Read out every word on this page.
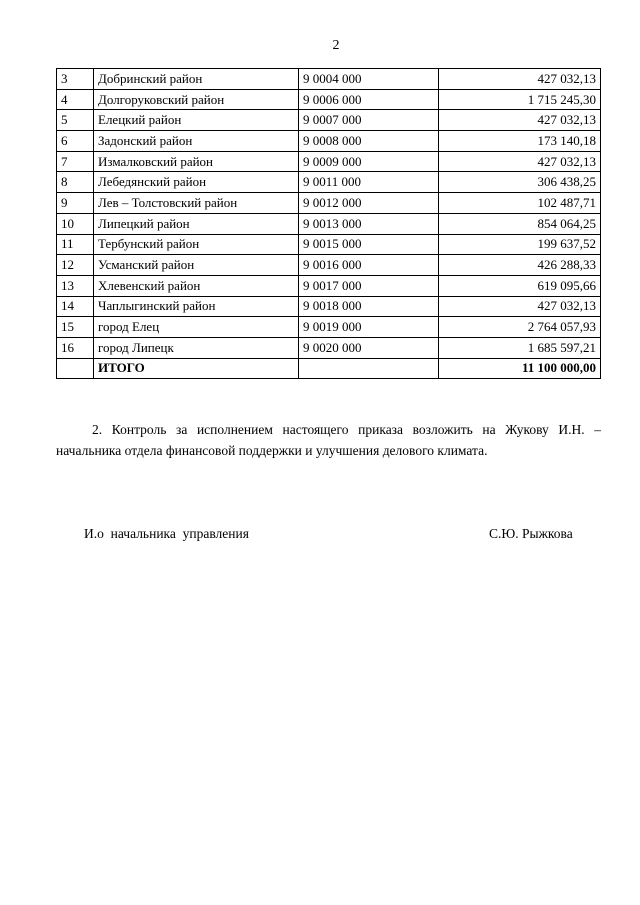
2
3	Добринский район	9 0004 000	427 032,13
4	Долгоруковский район	9 0006 000	1 715 245,30
5	Елецкий район	9 0007 000	427 032,13
6	Задонский район	9 0008 000	173 140,18
7	Измалковский район	9 0009 000	427 032,13
8	Лебедянский район	9 0011 000	306 438,25
9	Лев – Толстовский район	9 0012 000	102 487,71
10	Липецкий район	9 0013 000	854 064,25
11	Тербунский район	9 0015 000	199 637,52
12	Усманский район	9 0016 000	426 288,33
13	Хлевенский район	9 0017 000	619 095,66
14	Чаплыгинский район	9 0018 000	427 032,13
15	город Елец	9 0019 000	2 764 057,93
16	город Липецк	9 0020 000	1 685 597,21
	ИТОГО		11 100 000,00

2. Контроль за исполнением настоящего приказа возложить на Жукову И.Н. – начальника отдела финансовой поддержки и улучшения делового климата.

И.о  начальника  управления	С.Ю. Рыжкова
